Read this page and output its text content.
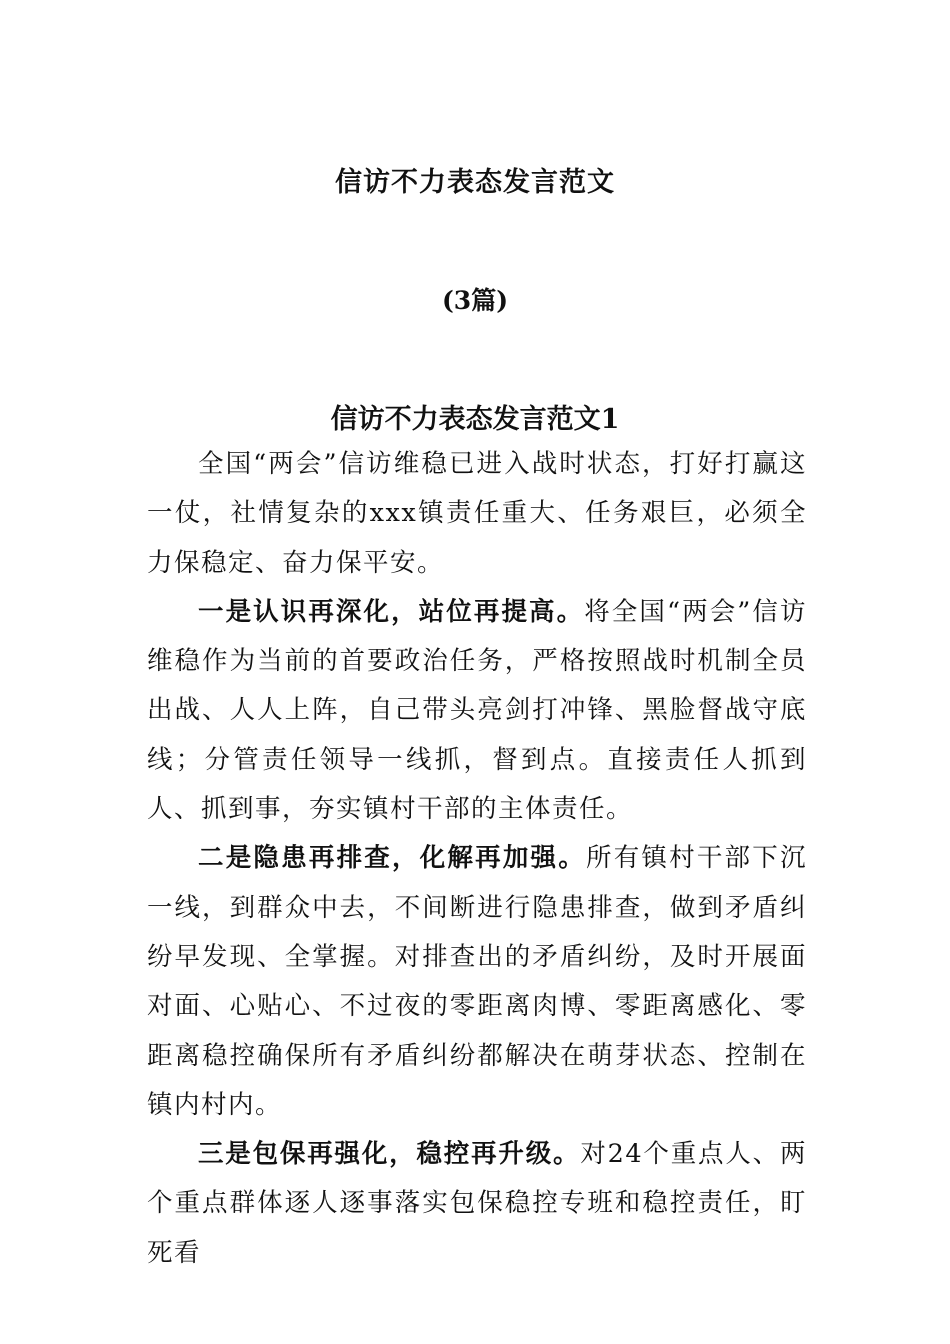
信访不力表态发言范文
(3篇)
信访不力表态发言范文1

全国“两会”信访维稳已进入战时状态，打好打赢这一仗，社情复杂的xxx镇责任重大、任务艰巨，必须全力保稳定、奋力保平安。

一是认识再深化，站位再提高。将全国“两会”信访维稳作为当前的首要政治任务，严格按照战时机制全员出战、人人上阵，自己带头亮剑打冲锋、黑脸督战守底线；分管责任领导一线抓，督到点。直接责任人抓到人、抓到事，夯实镇村干部的主体责任。

二是隐患再排查，化解再加强。所有镇村干部下沉一线，到群众中去，不间断进行隐患排查，做到矛盾纠纷早发现、全掌握。对排查出的矛盾纠纷，及时开展面对面、心贴心、不过夜的零距离肉博、零距离感化、零距离稳控确保所有矛盾纠纷都解决在萌芽状态、控制在镇内村内。

三是包保再强化，稳控再升级。对24个重点人、两个重点群体逐人逐事落实包保稳控专班和稳控责任，盯死看
